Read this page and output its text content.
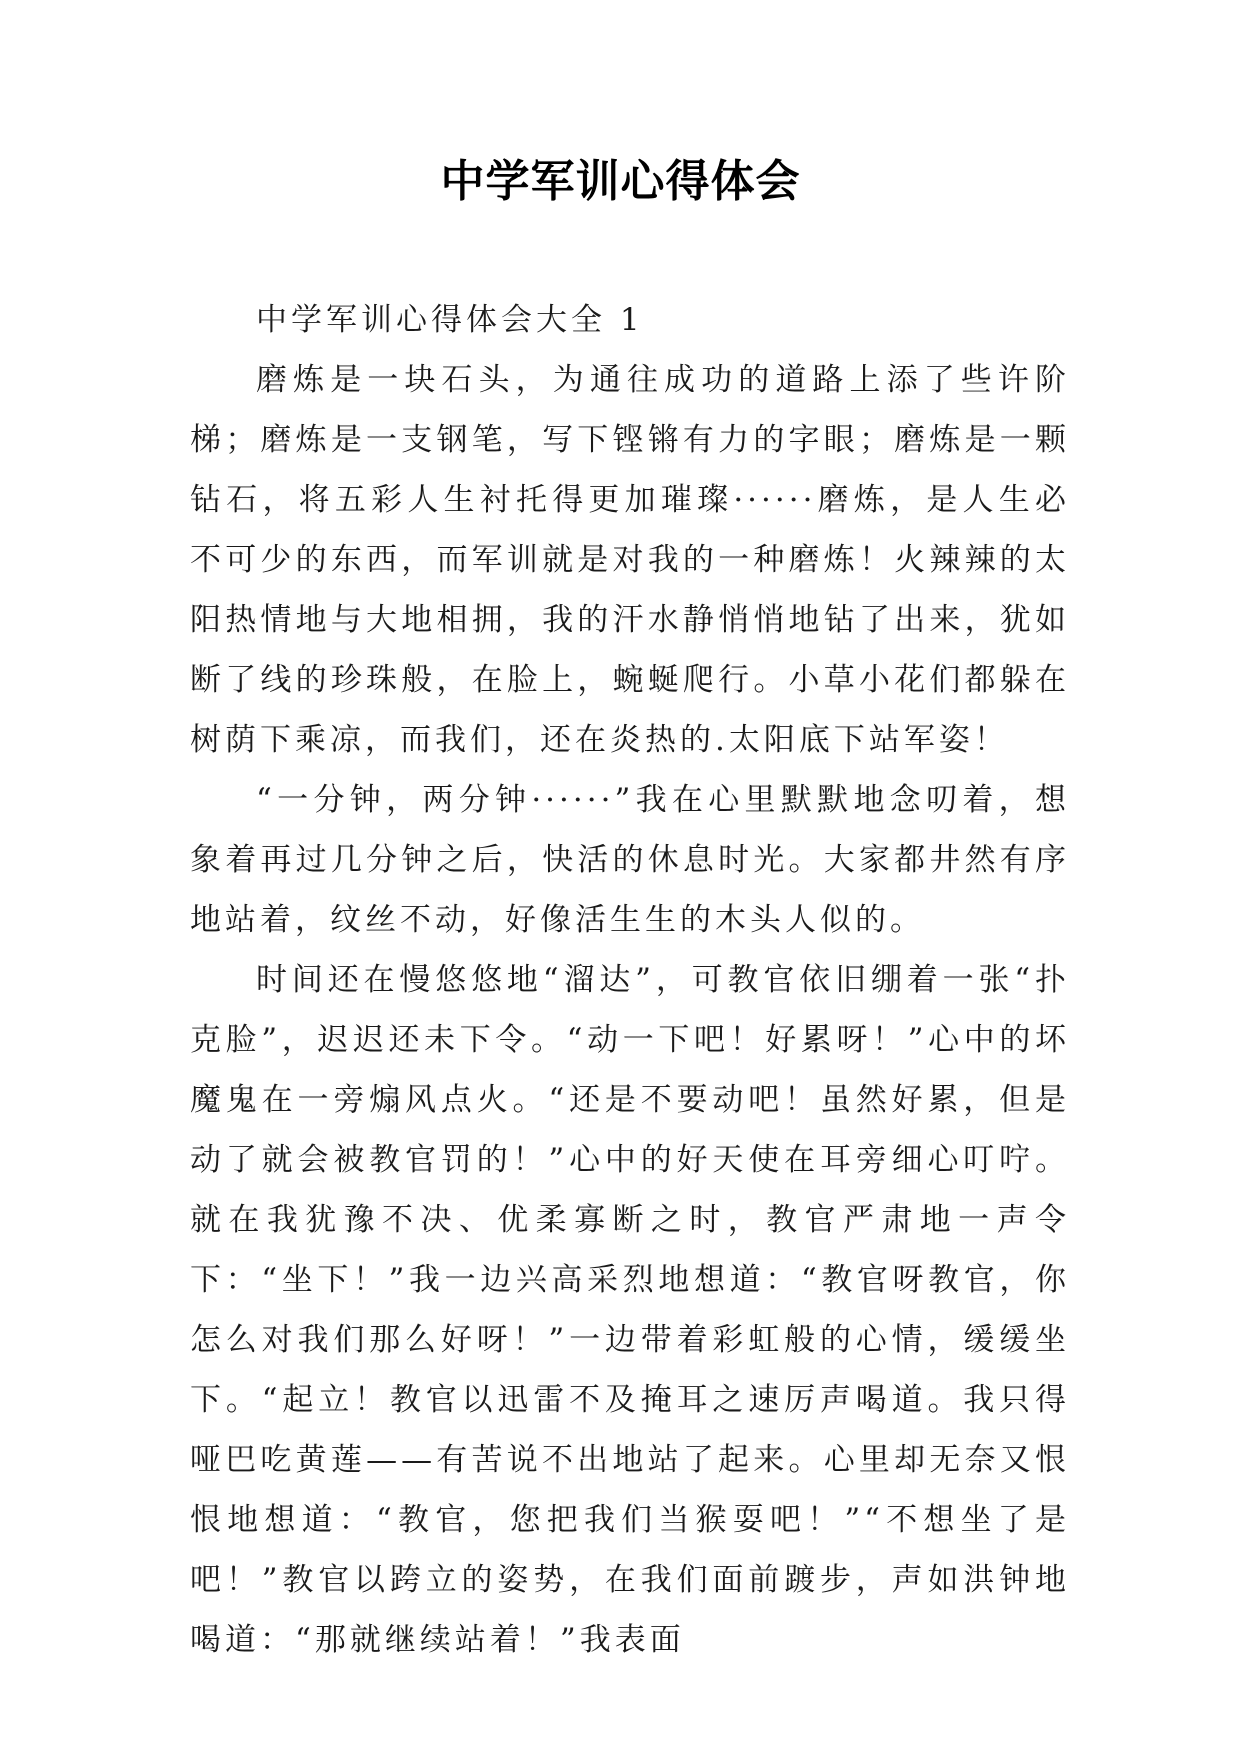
中学军训心得体会

中学军训心得体会大全 1

磨炼是一块石头，为通往成功的道路上添了些许阶梯；磨炼是一支钢笔，写下铿锵有力的字眼；磨炼是一颗钻石，将五彩人生衬托得更加璀璨······磨炼，是人生必不可少的东西，而军训就是对我的一种磨炼！火辣辣的太阳热情地与大地相拥，我的汗水静悄悄地钻了出来，犹如断了线的珍珠般，在脸上，蜿蜒爬行。小草小花们都躲在树荫下乘凉，而我们，还在炎热的.太阳底下站军姿！

“一分钟，两分钟······”我在心里默默地念叨着，想象着再过几分钟之后，快活的休息时光。大家都井然有序地站着，纹丝不动，好像活生生的木头人似的。

时间还在慢悠悠地“溜达”，可教官依旧绷着一张“扑克脸”，迟迟还未下令。“动一下吧！好累呀！”心中的坏魔鬼在一旁煽风点火。“还是不要动吧！虽然好累，但是动了就会被教官罚的！”心中的好天使在耳旁细心叮咛。就在我犹豫不决、优柔寡断之时，教官严肃地一声令下：“坐下！”我一边兴高采烈地想道：“教官呀教官，你怎么对我们那么好呀！”一边带着彩虹般的心情，缓缓坐下。“起立！教官以迅雷不及掩耳之速厉声喝道。我只得哑巴吃黄莲——有苦说不出地站了起来。心里却无奈又恨恨地想道：“教官，您把我们当猴耍吧！”“不想坐了是吧！”教官以跨立的姿势，在我们面前踱步，声如洪钟地喝道：“那就继续站着！”我表面
